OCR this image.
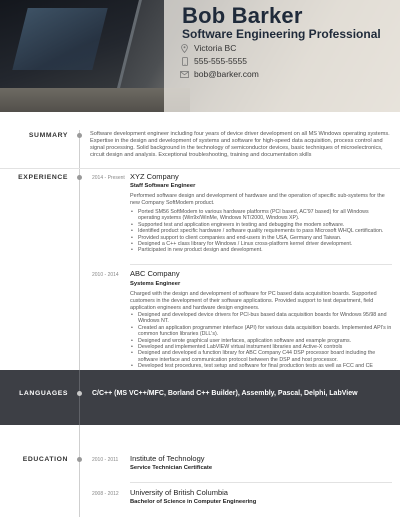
Bob Barker
Software Engineering Professional
Victoria BC
555-555-5555
bob@barker.com
SUMMARY	Software development engineer including four years of device driver development on all MS Windows operating systems. Expertise in the design and development of systems and software for high-speed data acquisition, process control and signal processing. Solid background in the technology of semiconductor devices, basic techniques of microelectronics, circuit design and analysis. Exceptional troubleshooting, training and documentation skills
EXPERIENCE	2014 - Present XYZ Company
Staff Software Engineer
Performed software design and development of hardware and the operation of specific sub-systems for the new Company SoftModem product.
• Ported SM56 SoftModem to various hardware platforms (PCI based, AC'97 based) for all Windows operating systems (Win9x/WinMe, Windows NT/2000, Windows XP).
• Supported test and application engineers in testing and debugging the modem software.
• Identified product specific hardware / software quality requirements to pass Microsoft WHQL certification.
• Provided support to client companies and end-users in the USA, Germany and Taiwan.
• Designed a C++ class library for Windows / Linux cross-platform kernel driver development.
• Participated in new product design and development.
2010 - 2014 ABC Company
Systems Engineer
Charged with the design and development of software for PC based data acquisition boards. Supported customers in the development of their software applications. Provided support to test department, field application engineers and hardware design engineers.
• Designed and developed device drivers for PCI-bus based data acquisition boards for Windows 95/98 and Windows NT.
• Created an application programmer interface (API) for various data acquisition boards. Implemented API's in common function libraries (DLL's).
• Designed and wrote graphical user interfaces, application software and example programs.
• Developed and implemented LabVIEW virtual instrument libraries and Active-X controls
• Designed and developed a function library for ABC Company C44 DSP processor board including the software interface and communication protocol between the DSP and host processor.
• Developed test procedures, test setup and software for final production tests as well as FCC and CE
•
LANGUAGES	C/C++ (MS VC++/MFC, Borland C++ Builder), Assembly, Pascal, Delphi, LabView
EDUCATION	2010 - 2011 Institute of Technology
Service Technician Certificate
2008 - 2012 University of British Columbia
Bachelor of Science in Computer Engineering
